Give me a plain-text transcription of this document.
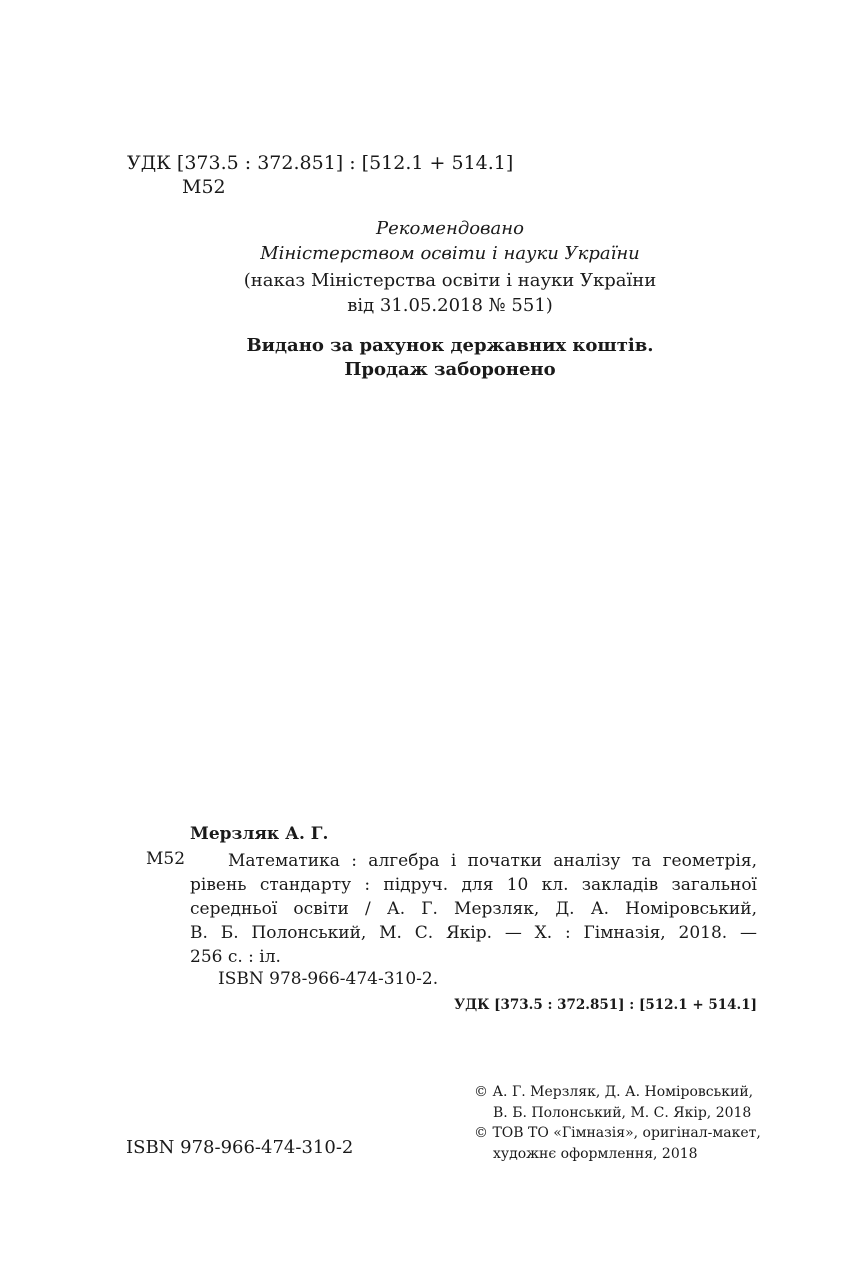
УДК [373.5 : 372.851] : [512.1 + 514.1]
М52
Рекомендовано
Міністерством освіти і науки України
(наказ Міністерства освіти і науки України
від 31.05.2018 № 551)
Видано за рахунок державних коштів.
Продаж заборонено
Мерзляк А. Г.
М52	Математика : алгебра і початки аналізу та геометрія,
рівень стандарту : підруч. для 10 кл. закладів загальної
середньої освіти / А. Г. Мерзляк, Д. А. Номіровський,
В. Б. Полонський, М. С. Якір. — Х. : Гімназія, 2018. —
256 с. : іл.
ISBN 978-966-474-310-2.
УДК [373.5 : 372.851] : [512.1 + 514.1]
© А. Г. Мерзляк, Д. А. Номіровський,
В. Б. Полонський, М. С. Якір, 2018
© ТОВ ТО «Гімназія», оригінал-макет,
художнє оформлення, 2018
ISBN 978-966-474-310-2
